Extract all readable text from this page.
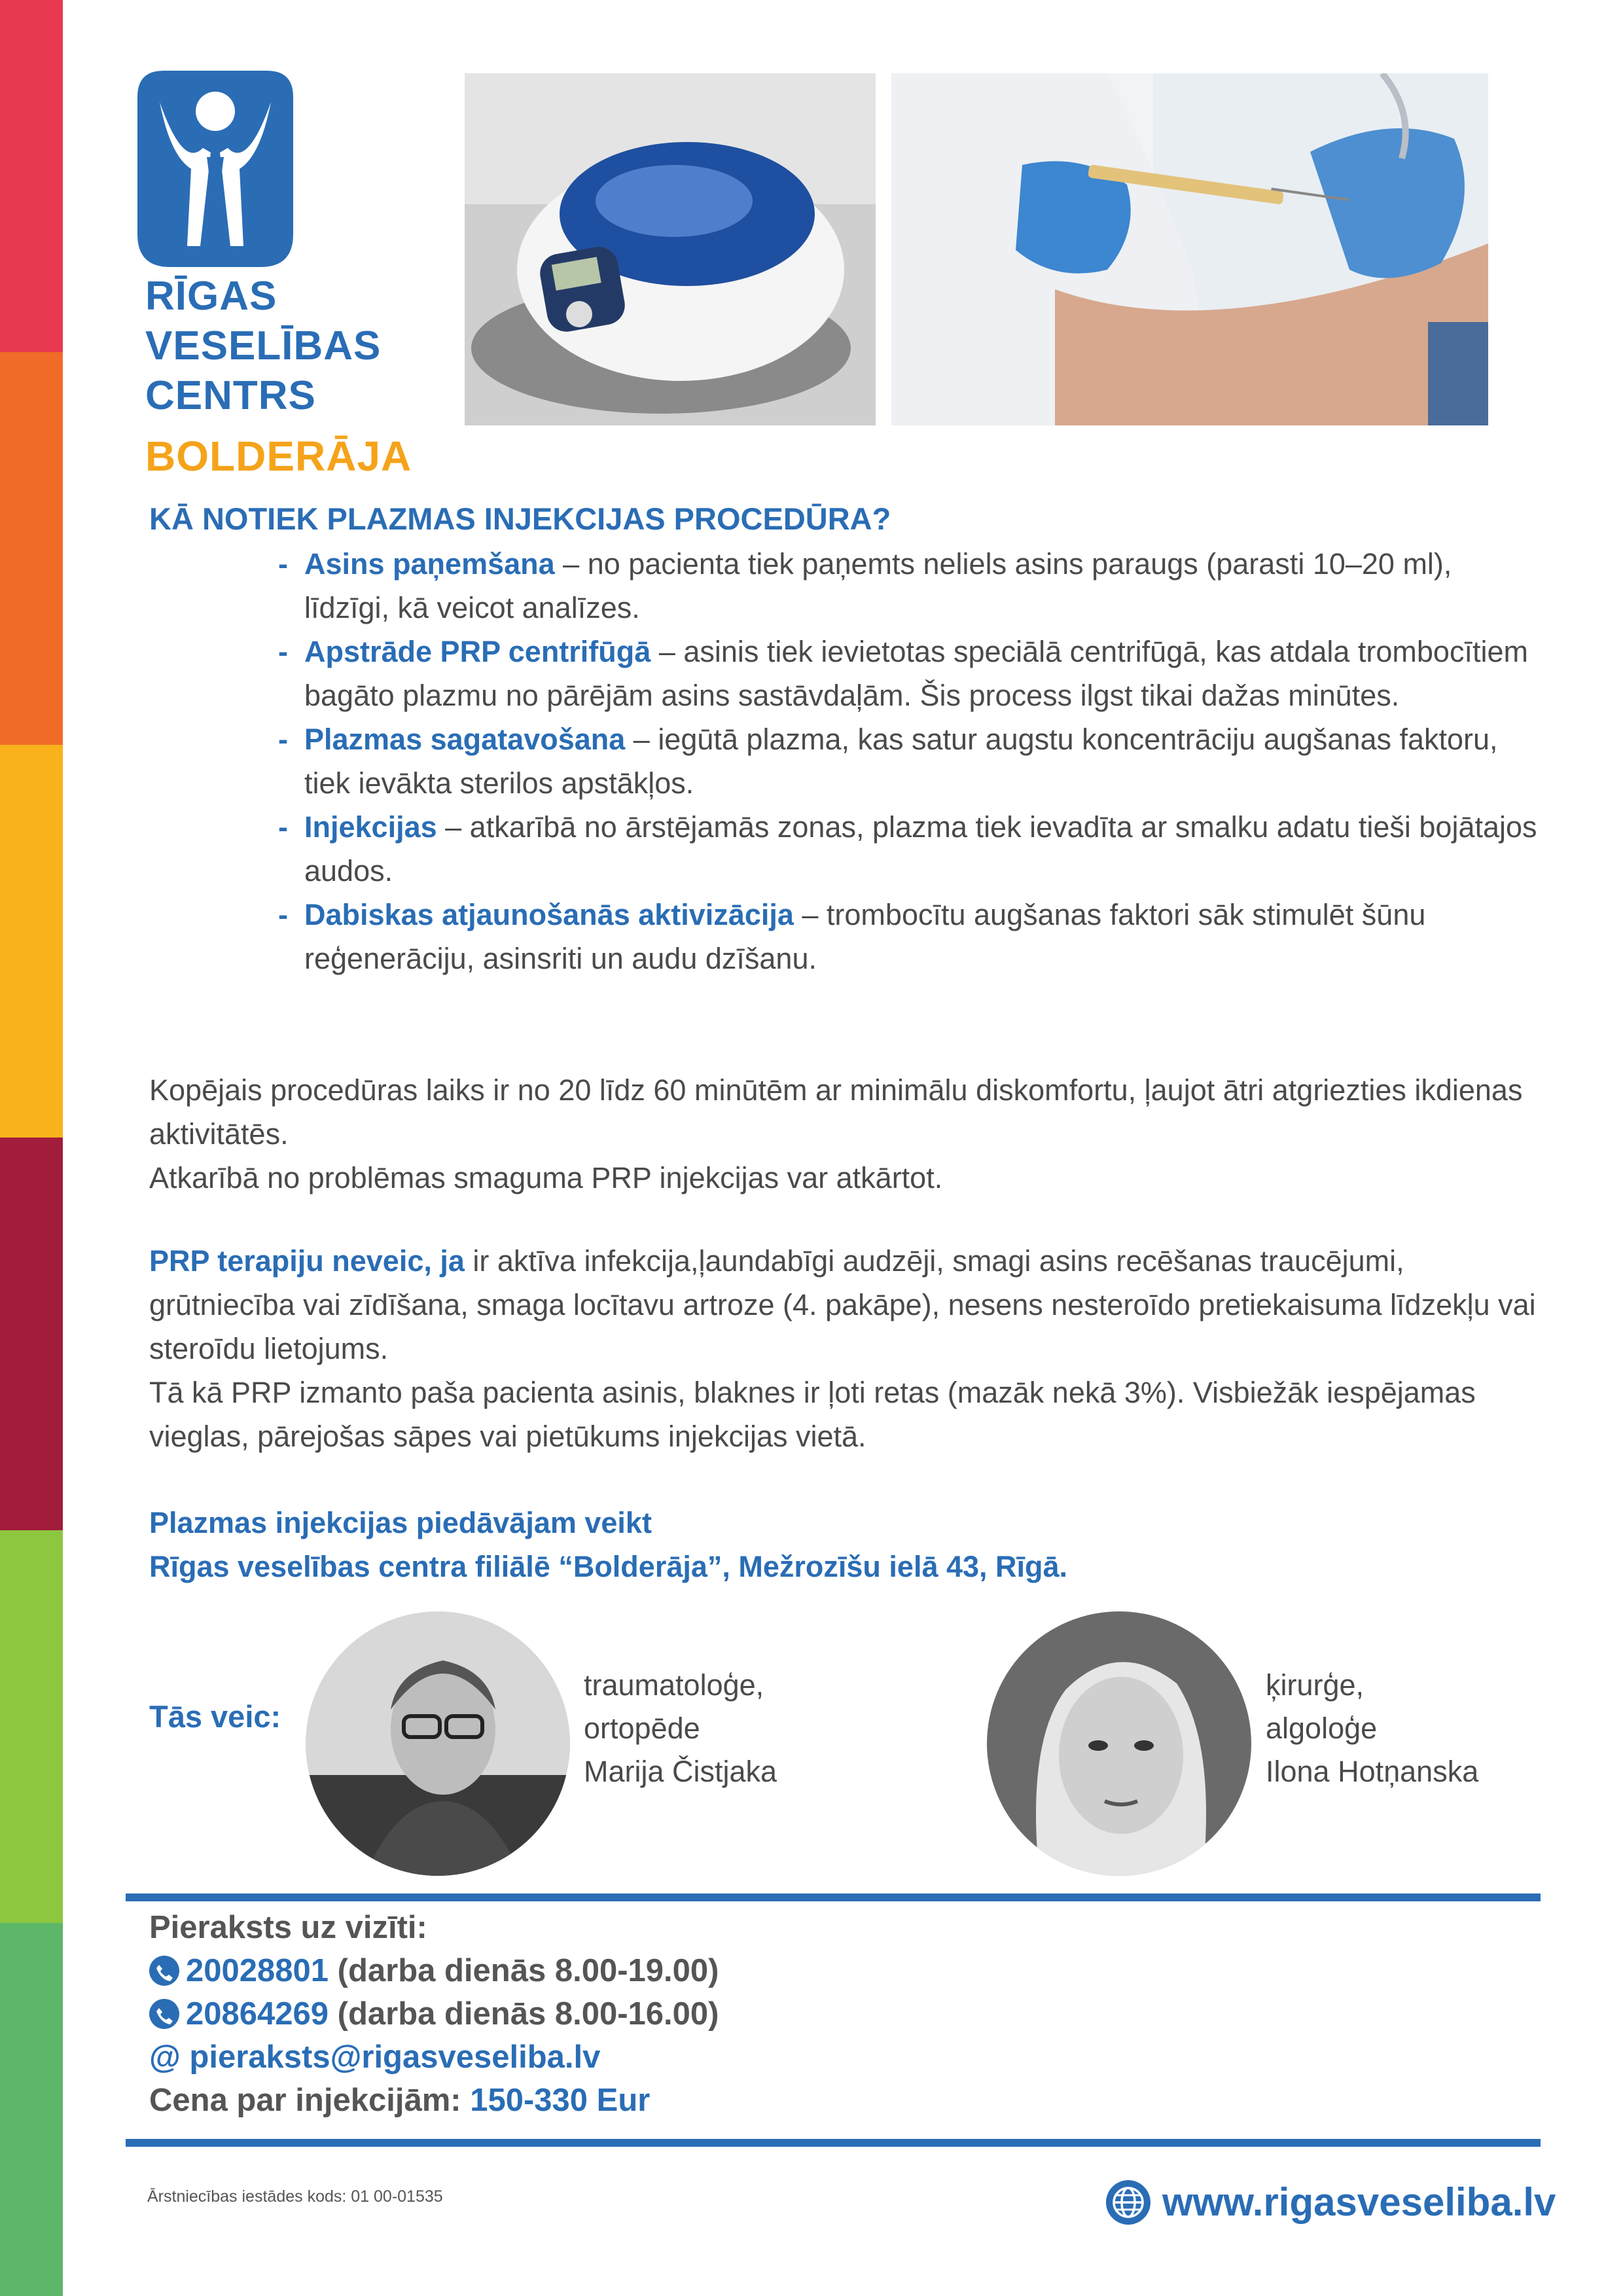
RĪGAS
VESELĪBAS
CENTRS
BOLDERĀJA
KĀ NOTIEK PLAZMAS INJEKCIJAS PROCEDŪRA?
- Asins paņemšana – no pacienta tiek paņemts neliels asins paraugs (parasti 10–20 ml), līdzīgi, kā veicot analīzes.
- Apstrāde PRP centrifūgā – asinis tiek ievietotas speciālā centrifūgā, kas atdala trombocītiem bagāto plazmu no pārējām asins sastāvdaļām. Šis process ilgst tikai dažas minūtes.
- Plazmas sagatavošana – iegūtā plazma, kas satur augstu koncentrāciju augšanas faktoru, tiek ievākta sterilos apstākļos.
- Injekcijas – atkarībā no ārstējamās zonas, plazma tiek ievadīta ar smalku adatu tieši bojātajos audos.
- Dabiskas atjaunošanās aktivizācija – trombocītu augšanas faktori sāk stimulēt šūnu reģenerāciju, asinsriti un audu dzīšanu.
Kopējais procedūras laiks ir no 20 līdz 60 minūtēm ar minimālu diskomfortu, ļaujot ātri atgriezties ikdienas aktivitātēs.
Atkarībā no problēmas smaguma PRP injekcijas var atkārtot.
PRP terapiju neveic, ja ir aktīva infekcija,ļaundabīgi audzēji, smagi asins recēšanas traucējumi, grūtniecība vai zīdīšana, smaga locītavu artroze (4. pakāpe), nesens nesteroīdo pretiekaisuma līdzekļu vai steroīdu lietojums.
Tā kā PRP izmanto paša pacienta asinis, blaknes ir ļoti retas (mazāk nekā 3%). Visbiežāk iespējamas vieglas, pārejošas sāpes vai pietūkums injekcijas vietā.
Plazmas injekcijas piedāvājam veikt
Rīgas veselības centra filiālē “Bolderāja”, Mežrozīšu ielā 43, Rīgā.
Tās veic:
traumatoloģe,
ortopēde
Marija Čistjaka
ķirurģe,
algoloģe
Ilona Hotņanska
Pieraksts uz vizīti:
20028801
(darba dienās 8.00-19.00)
20864269
(darba dienās 8.00-16.00)
@
pieraksts@rigasveseliba.lv
Cena par injekcijām:
150-330 Eur
Ārstniecības iestādes kods: 01 00-01535	www.rigasveseliba.lv
